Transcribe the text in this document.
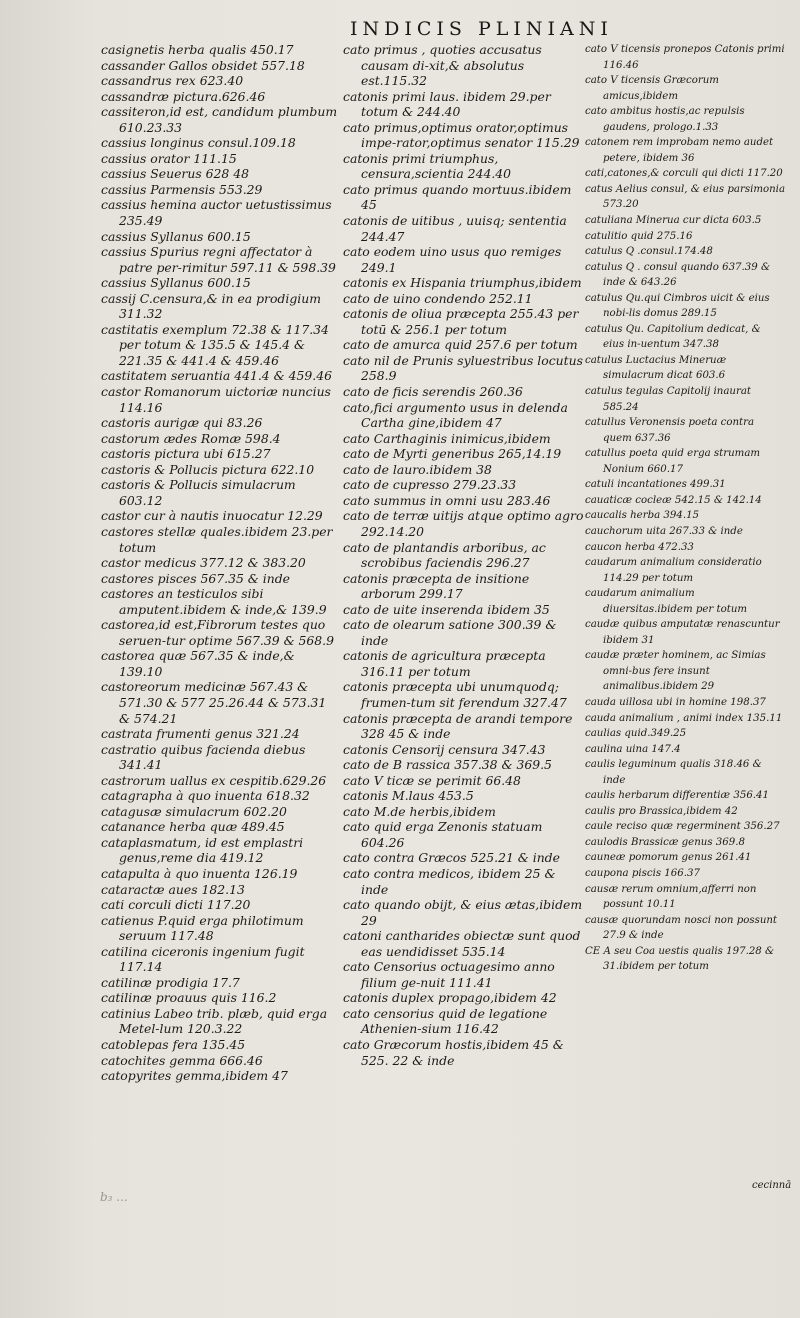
INDICIS PLINIANI

casignetis herba qualis 450.17

cassander Gallos obsidet 557.18

cassandrus rex 623.40

cassandræ pictura.626.46

cassiteron,id est, candidum plumbum 610.23.33

cassius longinus consul.109.18

cassius orator 111.15

cassius Seuerus 628 48

cassius Parmensis 553.29

cassius hemina auctor uetustissimus 235.49

cassius Syllanus 600.15

cassius Spurius regni affectator à patre per-rimitur 597.11 & 598.39

cassius Syllanus 600.15

cassij C.censura,& in ea prodigium 311.32

castitatis exemplum 72.38 & 117.34 per totum & 135.5 & 145.4 & 221.35 & 441.4 & 459.46

castitatem seruantia 441.4 & 459.46

castor Romanorum uictoriæ nuncius 114.16

castoris aurigæ qui 83.26

castorum ædes Romæ 598.4

castoris pictura ubi 615.27

castoris & Pollucis pictura 622.10

castoris & Pollucis simulacrum 603.12

castor cur à nautis inuocatur 12.29

castores stellæ quales.ibidem 23.per totum

castor medicus 377.12 & 383.20

castores pisces 567.35 & inde

castores an testiculos sibi amputent.ibidem & inde,& 139.9

castorea,id est,Fibrorum testes quo seruen-tur optime 567.39 & 568.9

castorea quæ 567.35 & inde,& 139.10

castoreorum medicinæ 567.43 & 571.30 & 577 25.26.44 & 573.31 & 574.21

castrata frumenti genus 321.24

castratio quibus facienda diebus 341.41

castrorum uallus ex cespitib.629.26

catagrapha à quo inuenta 618.32

catagusæ simulacrum 602.20

catanance herba quæ 489.45

cataplasmatum, id est emplastri genus,reme dia 419.12

catapulta à quo inuenta 126.19

cataractæ aues 182.13

cati corculi dicti 117.20

catienus P.quid erga philotimum seruum 117.48

catilina ciceronis ingenium fugit 117.14

catilinæ prodigia 17.7

catilinæ proauus quis 116.2

catinius Labeo trib. plæb, quid erga Metel-lum 120.3.22

catoblepas fera 135.45

catochites gemma 666.46

catopyrites gemma,ibidem 47

cato primus , quoties accusatus causam di-xit,& absolutus est.115.32

catonis primi laus. ibidem 29.per totum & 244.40

cato primus,optimus orator,optimus impe-rator,optimus senator 115.29

catonis primi triumphus, censura,scientia 244.40

cato primus quando mortuus.ibidem 45

catonis de uitibus , uuisq; sententia 244.47

cato eodem uino usus quo remiges 249.1

catonis ex Hispania triumphus,ibidem

cato de uino condendo 252.11

catonis de oliua præcepta 255.43 per totū & 256.1 per totum

cato de amurca quid 257.6 per totum

cato nil de Prunis syluestribus locutus 258.9

cato de ficis serendis 260.36

cato,fici argumento usus in delenda Cartha gine,ibidem 47

cato Carthaginis inimicus,ibidem

cato de Myrti generibus 265,14.19

cato de lauro.ibidem 38

cato de cupresso 279.23.33

cato summus in omni usu 283.46

cato de terræ uitijs atque optimo agro 292.14.20

cato de plantandis arboribus, ac scrobibus faciendis 296.27

catonis præcepta de insitione arborum 299.17

cato de uite inserenda ibidem 35

cato de olearum satione 300.39 & inde

catonis de agricultura præcepta 316.11 per totum

catonis præcepta ubi unumquodq; frumen-tum sit ferendum 327.47

catonis præcepta de arandi tempore 328 45 & inde

catonis Censorij censura 347.43

cato de B rassica 357.38 & 369.5

cato V ticæ se perimit 66.48

catonis M.laus 453.5

cato M.de herbis,ibidem

cato quid erga Zenonis statuam 604.26

cato contra Græcos 525.21 & inde

cato contra medicos, ibidem 25 & inde

cato quando obijt, & eius ætas,ibidem 29

catoni cantharides obiectæ sunt quod eas uendidisset 535.14

cato Censorius octuagesimo anno filium ge-nuit 111.41

catonis duplex propago,ibidem 42

cato censorius quid de legatione Athenien-sium 116.42

cato Græcorum hostis,ibidem 45 & 525. 22 & inde

cato V ticensis pronepos Catonis primi 116.46

cato V ticensis Græcorum amicus,ibidem

cato ambitus hostis,ac repulsis gaudens, prologo.1.33

catonem rem improbam nemo audet petere, ibidem 36

cati,catones,& corculi qui dicti 117.20

catus Aelius consul, & eius parsimonia 573.20

catuliana Minerua cur dicta 603.5

catulitio quid 275.16

catulus Q .consul.174.48

catulus Q . consul quando 637.39 & inde & 643.26

catulus Qu.qui Cimbros uicit & eius nobi-lis domus 289.15

catulus Qu. Capitolium dedicat, & eius in-uentum 347.38

catulus Luctacius Mineruæ simulacrum dicat 603.6

catulus tegulas Capitolij inaurat 585.24

catullus Veronensis poeta contra quem 637.36

catullus poeta quid erga strumam Nonium 660.17

catuli incantationes 499.31

cauaticæ cocleæ 542.15 & 142.14

caucalis herba 394.15

cauchorum uita 267.33 & inde

caucon herba 472.33

caudarum animalium consideratio 114.29 per totum

caudarum animalium diuersitas.ibidem per totum

caudæ quibus amputatæ renascuntur ibidem 31

caudæ præter hominem, ac Simias omni-bus fere insunt animalibus.ibidem 29

cauda uillosa ubi in homine 198.37

cauda animalium , animi index 135.11

caulias quid.349.25

caulina uina 147.4

caulis leguminum qualis 318.46 & inde

caulis herbarum differentiæ 356.41

caulis pro Brassica,ibidem 42

caule reciso quæ regerminent 356.27

caulodis Brassicæ genus 369.8

cauneæ pomorum genus 261.41

caupona piscis 166.37

causæ rerum omnium,afferri non possunt 10.11

causæ quorundam nosci non possunt 27.9 & inde

CE A seu Coa uestis qualis 197.28 & 31.ibidem per totum

cecinnā
b₃ ...
